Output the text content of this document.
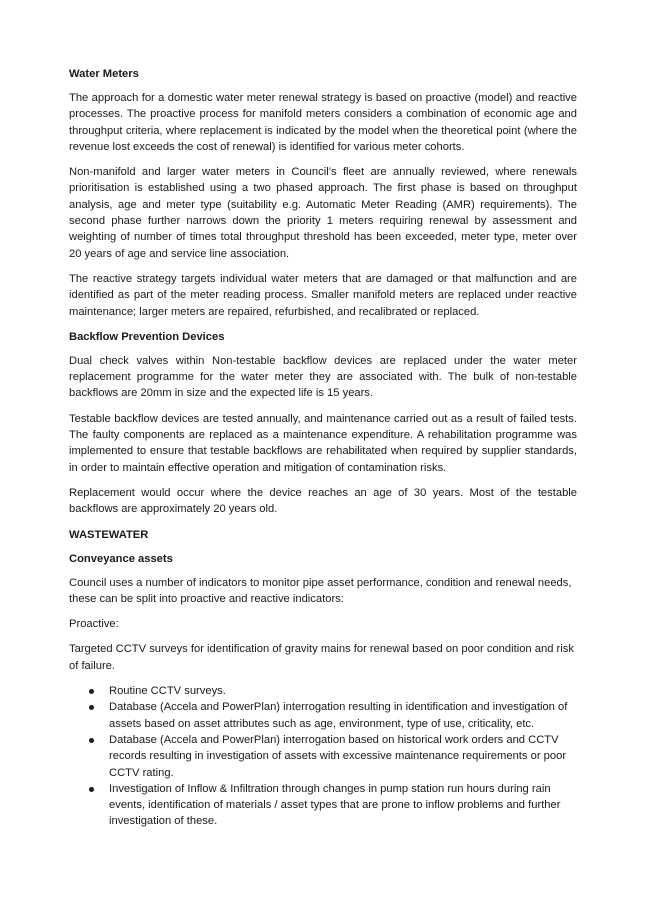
Water Meters

The approach for a domestic water meter renewal strategy is based on proactive (model) and reactive processes. The proactive process for manifold meters considers a combination of economic age and throughput criteria, where replacement is indicated by the model when the theoretical point (where the revenue lost exceeds the cost of renewal) is identified for various meter cohorts.

Non-manifold and larger water meters in Council’s fleet are annually reviewed, where renewals prioritisation is established using a two phased approach. The first phase is based on throughput analysis, age and meter type (suitability e.g. Automatic Meter Reading (AMR) requirements). The second phase further narrows down the priority 1 meters requiring renewal by assessment and weighting of number of times total throughput threshold has been exceeded, meter type, meter over 20 years of age and service line association.

The reactive strategy targets individual water meters that are damaged or that malfunction and are identified as part of the meter reading process. Smaller manifold meters are replaced under reactive maintenance; larger meters are repaired, refurbished, and recalibrated or replaced.

Backflow Prevention Devices

Dual check valves within Non-testable backflow devices are replaced under the water meter replacement programme for the water meter they are associated with. The bulk of non-testable backflows are 20mm in size and the expected life is 15 years.

Testable backflow devices are tested annually, and maintenance carried out as a result of failed tests. The faulty components are replaced as a maintenance expenditure. A rehabilitation programme was implemented to ensure that testable backflows are rehabilitated when required by supplier standards, in order to maintain effective operation and mitigation of contamination risks.

Replacement would occur where the device reaches an age of 30 years. Most of the testable backflows are approximately 20 years old.

WASTEWATER
Conveyance assets

Council uses a number of indicators to monitor pipe asset performance, condition and renewal needs, these can be split into proactive and reactive indicators:

Proactive:

Targeted CCTV surveys for identification of gravity mains for renewal based on poor condition and risk of failure.

Routine CCTV surveys.
Database (Accela and PowerPlan) interrogation resulting in identification and investigation of assets based on asset attributes such as age, environment, type of use, criticality, etc.
Database (Accela and PowerPlan) interrogation based on historical work orders and CCTV records resulting in investigation of assets with excessive maintenance requirements or poor CCTV rating.
Investigation of Inflow & Infiltration through changes in pump station run hours during rain events, identification of materials / asset types that are prone to inflow problems and further investigation of these.
